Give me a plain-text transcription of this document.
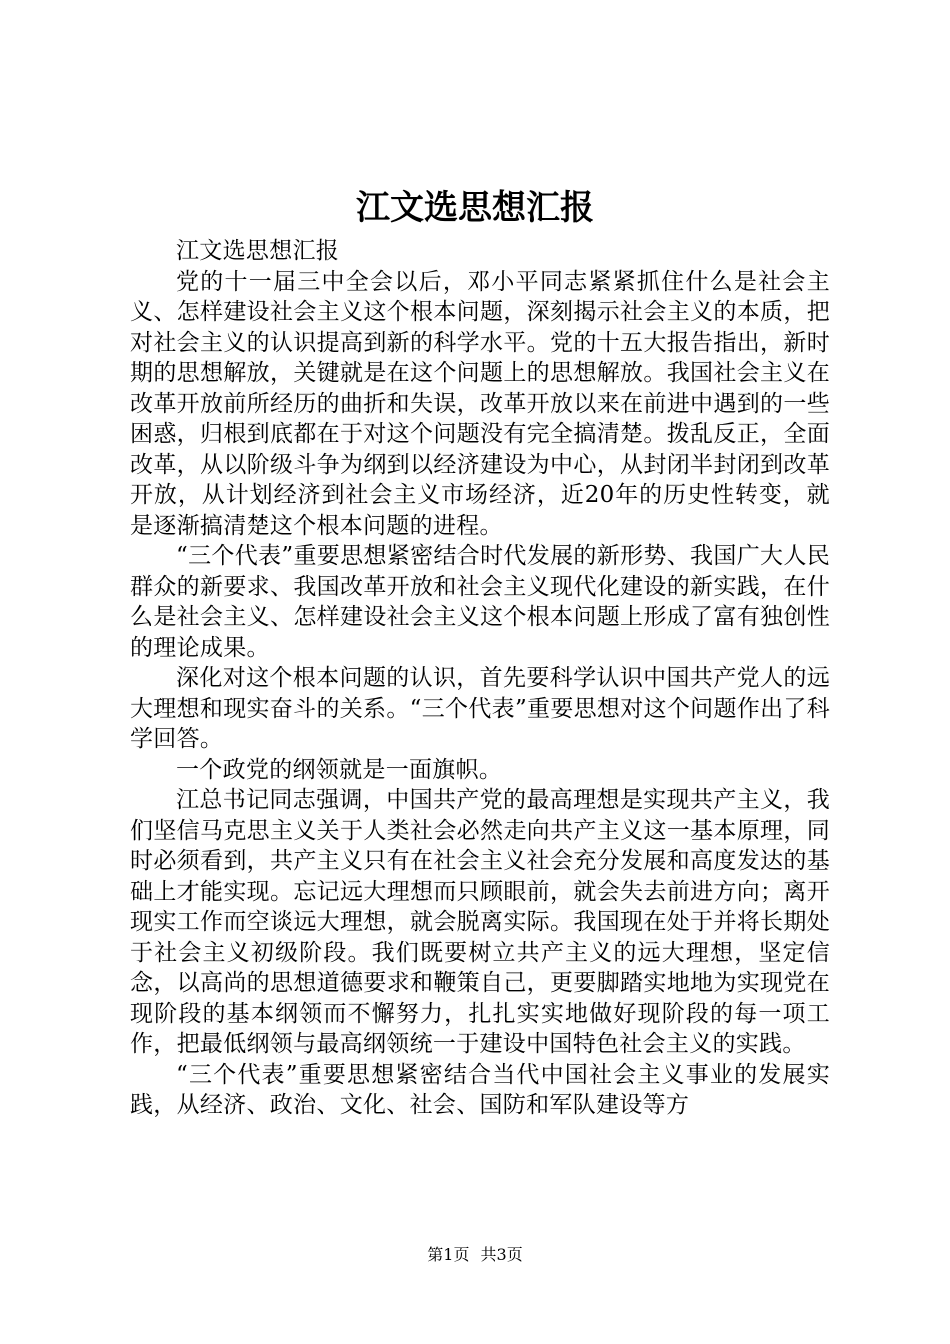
江文选思想汇报

江文选思想汇报

党的十一届三中全会以后，邓小平同志紧紧抓住什么是社会主义、怎样建设社会主义这个根本问题，深刻揭示社会主义的本质，把对社会主义的认识提高到新的科学水平。党的十五大报告指出，新时期的思想解放，关键就是在这个问题上的思想解放。我国社会主义在改革开放前所经历的曲折和失误，改革开放以来在前进中遇到的一些困惑，归根到底都在于对这个问题没有完全搞清楚。拨乱反正，全面改革，从以阶级斗争为纲到以经济建设为中心，从封闭半封闭到改革开放，从计划经济到社会主义市场经济，近20年的历史性转变，就是逐渐搞清楚这个根本问题的进程。

“三个代表”重要思想紧密结合时代发展的新形势、我国广大人民群众的新要求、我国改革开放和社会主义现代化建设的新实践，在什么是社会主义、怎样建设社会主义这个根本问题上形成了富有独创性的理论成果。

深化对这个根本问题的认识，首先要科学认识中国共产党人的远大理想和现实奋斗的关系。“三个代表”重要思想对这个问题作出了科学回答。

一个政党的纲领就是一面旗帜。

江总书记同志强调，中国共产党的最高理想是实现共产主义，我们坚信马克思主义关于人类社会必然走向共产主义这一基本原理，同时必须看到，共产主义只有在社会主义社会充分发展和高度发达的基础上才能实现。忘记远大理想而只顾眼前，就会失去前进方向；离开现实工作而空谈远大理想，就会脱离实际。我国现在处于并将长期处于社会主义初级阶段。我们既要树立共产主义的远大理想，坚定信念，以高尚的思想道德要求和鞭策自己，更要脚踏实地地为实现党在现阶段的基本纲领而不懈努力，扎扎实实地做好现阶段的每一项工作，把最低纲领与最高纲领统一于建设中国特色社会主义的实践。

“三个代表”重要思想紧密结合当代中国社会主义事业的发展实践，从经济、政治、文化、社会、国防和军队建设等方

第1页 共3页
